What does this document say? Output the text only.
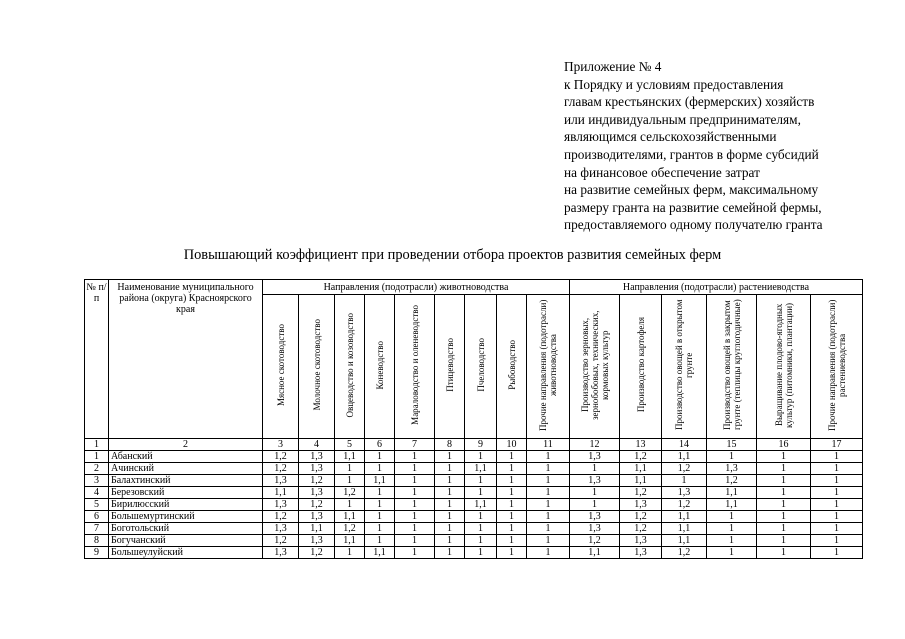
Приложение № 4
к Порядку и условиям предоставления
главам крестьянских (фермерских) хозяйств
или индивидуальным предпринимателям,
являющимся сельскохозяйственными
производителями, грантов в форме субсидий
на финансовое обеспечение затрат
на развитие семейных ферм, максимальному
размеру гранта на развитие семейной фермы,
предоставляемого одному получателю гранта
Повышающий коэффициент при проведении отбора проектов развития семейных ферм
№ п/п	Наименование муниципального района (округа) Красноярского края	Направления (подотрасли) животноводства									Направления (подотрасли) растениеводства					
		Мясное скотоводство	Молочное скотоводство	Овцеводство и козоводство	Коневодство	Мараловодство и оленеводство	Птицеводство	Пчеловодство	Рыбоводство	Прочие направления (подотрасли) животноводства	Производство зерновых, зернобобовых, технических, кормовых культур	Производство картофеля	Производство овощей в открытом грунте	Производство овощей в закрытом грунте (теплицы круглогодичные)	Выращивание плодово-ягодных культур (питомники, плантации)	Прочие направления (подотрасли) растениеводства
1	2	3	4	5	6	7	8	9	10	11	12	13	14	15	16	17
1	Абанский	1,2	1,3	1,1	1	1	1	1	1	1	1,3	1,2	1,1	1	1	1
2	Ачинский	1,2	1,3	1	1	1	1	1,1	1	1	1	1,1	1,2	1,3	1	1
3	Балахтинский	1,3	1,2	1	1,1	1	1	1	1	1	1,3	1,1	1	1,2	1	1
4	Березовский	1,1	1,3	1,2	1	1	1	1	1	1	1	1,2	1,3	1,1	1	1
5	Бирилюсский	1,3	1,2	1	1	1	1	1,1	1	1	1	1,3	1,2	1,1	1	1
6	Большемуртинский	1,2	1,3	1,1	1	1	1	1	1	1	1,3	1,2	1,1	1	1	1
7	Боготольский	1,3	1,1	1,2	1	1	1	1	1	1	1,3	1,2	1,1	1	1	1
8	Богучанский	1,2	1,3	1,1	1	1	1	1	1	1	1,2	1,3	1,1	1	1	1
9	Большеулуйский	1,3	1,2	1	1,1	1	1	1	1	1	1,1	1,3	1,2	1	1	1
